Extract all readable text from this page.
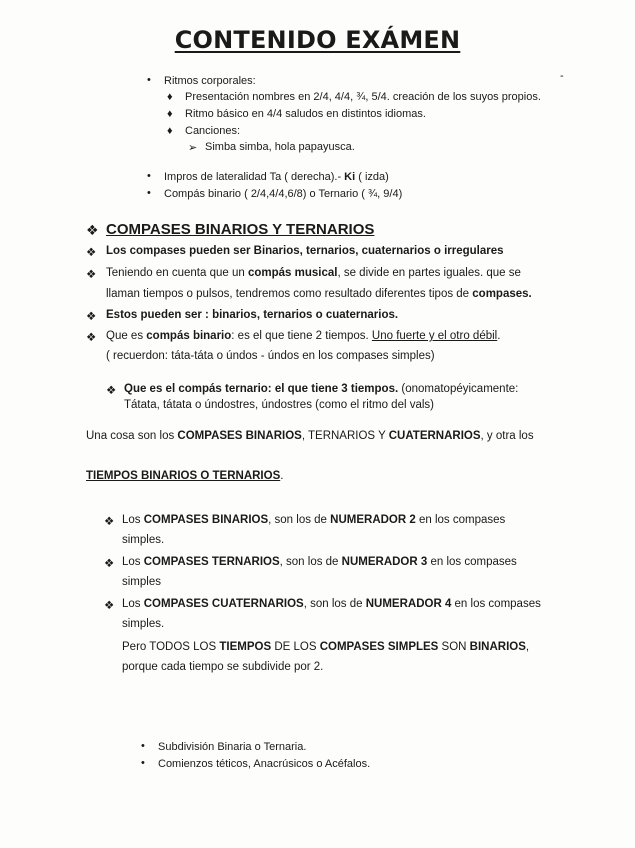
CONTENIDO EXÁMEN
-
• Ritmos corporales:
♦ Presentación nombres en 2/4, 4/4, ¾, 5/4. creación de los suyos propios.
♦ Ritmo básico en 4/4 saludos en distintos idiomas.
♦ Canciones:
➢ Simba simba, hola papayusca.
• Impros de lateralidad Ta ( derecha).- Ki ( izda)
• Compás binario ( 2/4,4/4,6/8) o Ternario ( ¾, 9/4)
❖ COMPASES BINARIOS Y TERNARIOS
❖ Los compases pueden ser Binarios, ternarios, cuaternarios o irregulares
❖ Teniendo en cuenta que un compás musical, se divide en partes iguales. que se
llaman tiempos o pulsos, tendremos como resultado diferentes tipos de compases.
❖ Estos pueden ser : binarios, ternarios o cuaternarios.
❖ Que es compás binario: es el que tiene 2 tiempos. Uno fuerte y el otro débil.
( recuerdon: táta-táta o úndos - úndos en los compases simples)
❖ Que es el compás ternario: el que tiene 3 tiempos. (onomatopéyicamente:
Tátata, tátata o úndostres, úndostres (como el ritmo del vals)
Una cosa son los COMPASES BINARIOS, TERNARIOS Y CUATERNARIOS, y otra los
TIEMPOS BINARIOS O TERNARIOS.
❖ Los COMPASES BINARIOS, son los de NUMERADOR 2 en los compases
simples.
❖ Los COMPASES TERNARIOS, son los de NUMERADOR 3 en los compases
simples
❖ Los COMPASES CUATERNARIOS, son los de NUMERADOR 4 en los compases
simples.
Pero TODOS LOS TIEMPOS DE LOS COMPASES SIMPLES SON BINARIOS,
porque cada tiempo se subdivide por 2.
• Subdivisión Binaria o Ternaria.
• Comienzos téticos, Anacrúsicos o Acéfalos.
